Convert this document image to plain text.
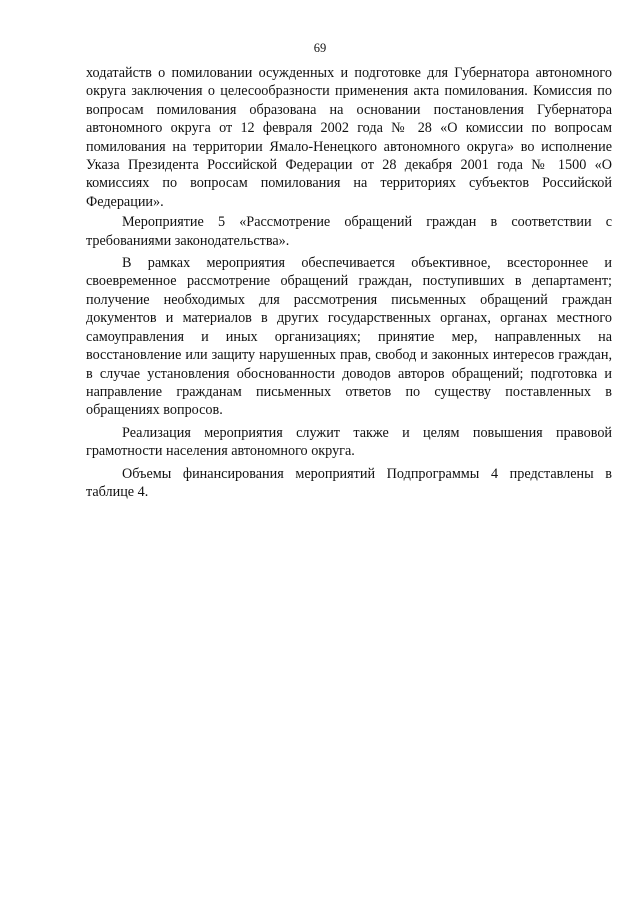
69

ходатайств о помиловании осужденных и подготовке для Губернатора автономного округа заключения о целесообразности применения акта помилования. Комиссия по вопросам помилования образована на основании постановления Губернатора автономного округа от 12 февраля 2002 года № 28 «О комиссии по вопросам помилования на территории Ямало-Ненецкого автономного округа» во исполнение Указа Президента Российской Федерации от 28 декабря 2001 года № 1500 «О комиссиях по вопросам помилования на территориях субъектов Российской Федерации».

Мероприятие 5 «Рассмотрение обращений граждан в соответствии с требованиями законодательства».

В рамках мероприятия обеспечивается объективное, всестороннее и своевременное рассмотрение обращений граждан, поступивших в департамент; получение необходимых для рассмотрения письменных обращений граждан документов и материалов в других государственных органах, органах местного самоуправления и иных организациях; принятие мер, направленных на восстановление или защиту нарушенных прав, свобод и законных интересов граждан, в случае установления обоснованности доводов авторов обращений; подготовка и направление гражданам письменных ответов по существу поставленных в обращениях вопросов.

Реализация мероприятия служит также и целям повышения правовой грамотности населения автономного округа.

Объемы финансирования мероприятий Подпрограммы 4 представлены в таблице 4.
